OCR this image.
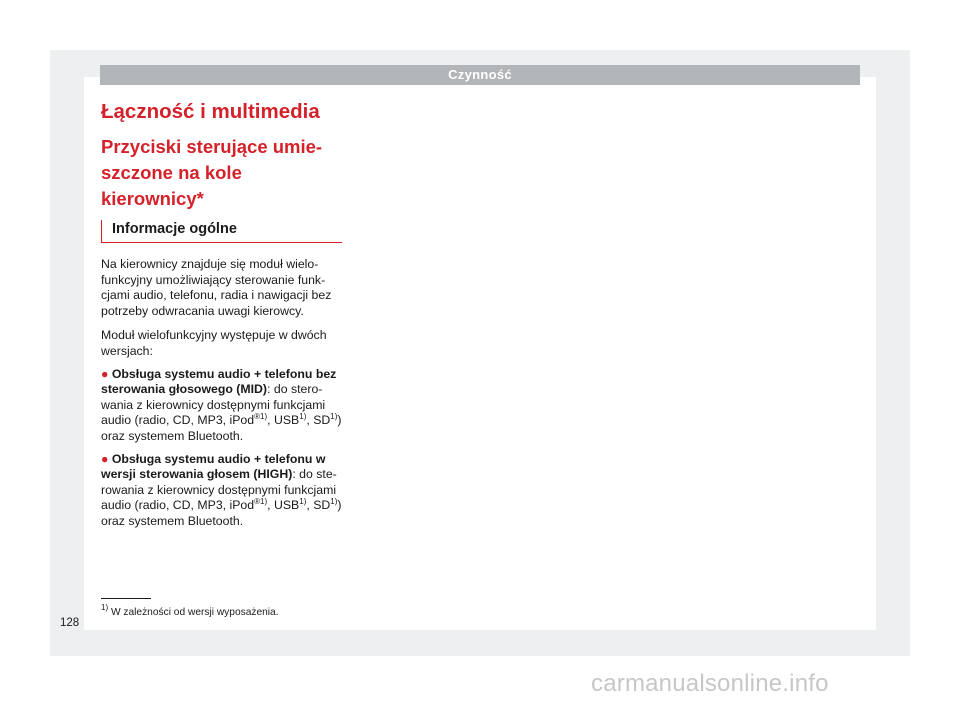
Czynność
Łączność i multimedia
Przyciski sterujące umie-
szczone na kole kierownicy*
Informacje ogólne

Na kierownicy znajduje się moduł wielo-funkcyjny umożliwiający sterowanie funk-cjami audio, telefonu, radia i nawigacji bez potrzeby odwracania uwagi kierowcy.

Moduł wielofunkcyjny występuje w dwóch wersjach:

● Obsługa systemu audio + telefonu bez sterowania głosowego (MID): do stero-wania z kierownicy dostępnymi funkcjami audio (radio, CD, MP3, iPod$^{®1)}$, USB$^{1)}$, SD$^{1)}$) oraz systemem Bluetooth.

● Obsługa systemu audio + telefonu w wersji sterowania głosem (HIGH): do ste-rowania z kierownicy dostępnymi funkcjami audio (radio, CD, MP3, iPod$^{®1)}$, USB$^{1)}$, SD$^{1)}$) oraz systemem Bluetooth.

$^{1)}$ W zależności od wersji wyposażenia.
128
carmanualsonline.info
